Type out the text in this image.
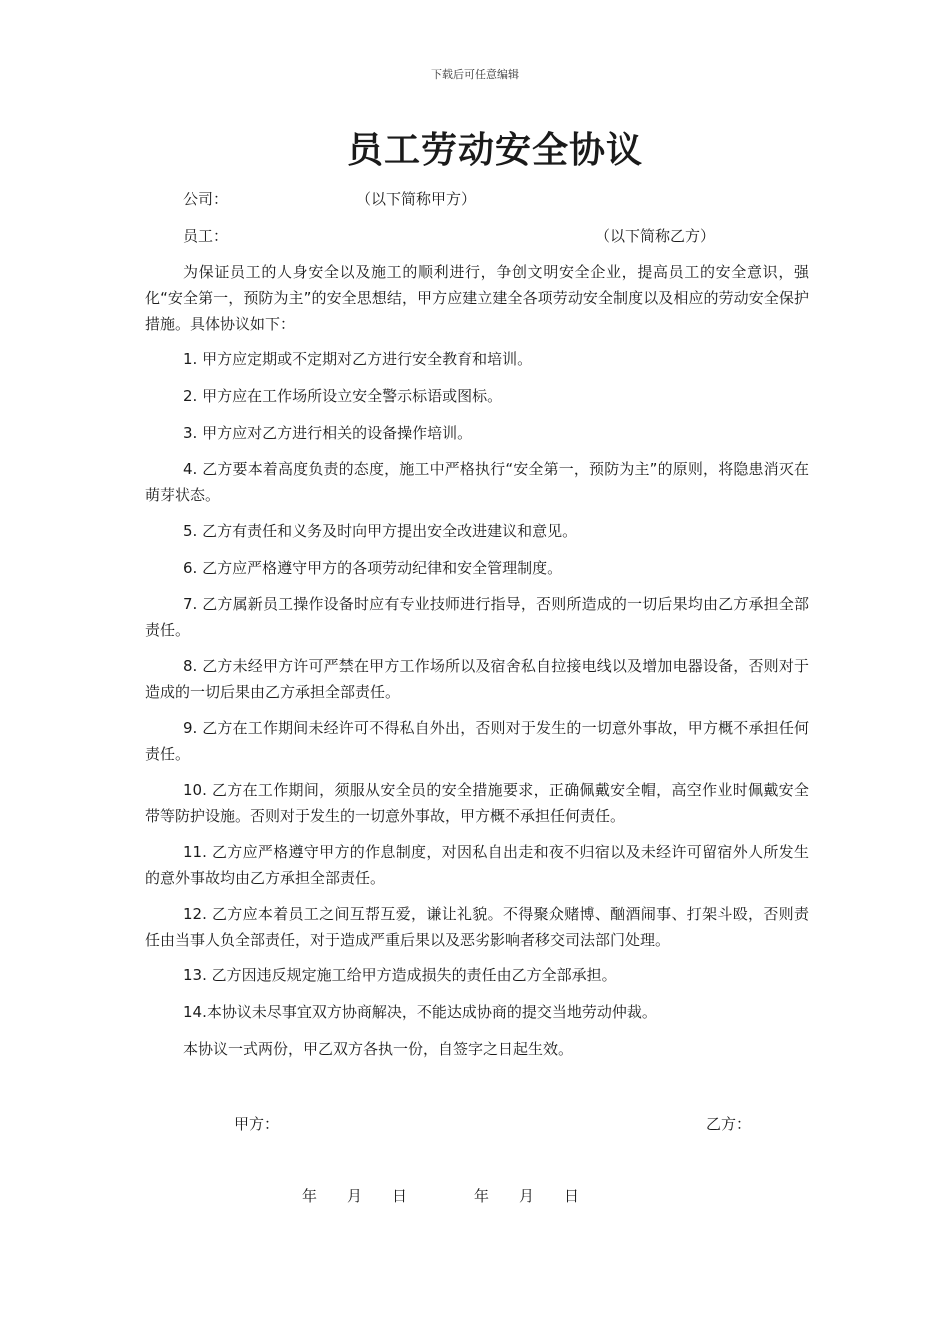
下载后可任意编辑
员工劳动安全协议
公司：	（以下简称甲方）
员工：	（以下简称乙方）
为保证员工的人身安全以及施工的顺利进行，争创文明安全企业，提高员工的安全意识，强化“安全第一，预防为主”的安全思想结，甲方应建立建全各项劳动安全制度以及相应的劳动安全保护措施。具体协议如下：
1. 甲方应定期或不定期对乙方进行安全教育和培训。
2. 甲方应在工作场所设立安全警示标语或图标。
3. 甲方应对乙方进行相关的设备操作培训。
4. 乙方要本着高度负责的态度，施工中严格执行“安全第一，预防为主”的原则，将隐患消灭在萌芽状态。
5. 乙方有责任和义务及时向甲方提出安全改进建议和意见。
6. 乙方应严格遵守甲方的各项劳动纪律和安全管理制度。
7. 乙方属新员工操作设备时应有专业技师进行指导，否则所造成的一切后果均由乙方承担全部责任。
8. 乙方未经甲方许可严禁在甲方工作场所以及宿舍私自拉接电线以及增加电器设备，否则对于造成的一切后果由乙方承担全部责任。
9. 乙方在工作期间未经许可不得私自外出，否则对于发生的一切意外事故，甲方概不承担任何责任。
10. 乙方在工作期间，须服从安全员的安全措施要求，正确佩戴安全帽，高空作业时佩戴安全带等防护设施。否则对于发生的一切意外事故，甲方概不承担任何责任。
11. 乙方应严格遵守甲方的作息制度，对因私自出走和夜不归宿以及未经许可留宿外人所发生的意外事故均由乙方承担全部责任。
12. 乙方应本着员工之间互帮互爱，谦让礼貌。不得聚众赌博、酗酒闹事、打架斗殴，否则责任由当事人负全部责任，对于造成严重后果以及恶劣影响者移交司法部门处理。
13. 乙方因违反规定施工给甲方造成损失的责任由乙方全部承担。
14.本协议未尽事宜双方协商解决，不能达成协商的提交当地劳动仲裁。
本协议一式两份，甲乙双方各执一份，自签字之日起生效。
甲方：	乙方：
年　　月　　日	年　　月　　日
